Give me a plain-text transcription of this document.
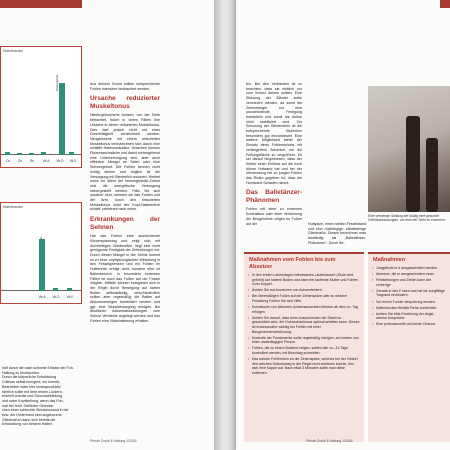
Skelettmuskel
Serengehalt
Cu	Zn	Se	Vit.A	Vit.D	Vit.E
Skelettmuskel
Vit.A	Vit.D	Vit.E
halt durch die nach schnelle Einsatz der Foh-
Haltung zu beobachten.
Durch die körperliche Entwicklung
ll dieses selbst korrigiert, ein korrekt-
Bearbeiten wäre hier kontraproduktiv
rderlich sollte mit dem reinen Lockern-
erden/Kontrolle und Sturznachbildung
und unter Kopfstellung, wenn das Foh-
mal frei fehlt. Gefühlter Gelenke-
chen einer schlechte Streckenwand in der
bzw. der Hinterhand sind angeborene
Gliedmaßen kann sich bereits die
Entwicklung von beidem Halten.

Aus diesem Grund sollten entsprechende Fohlen intensiver beobachtet werden.

Ursache reduzierter Muskeltonus

Niedergebrochene Achsen, von der Seite betrachtet, fußen in vielen Fällen ihre Ursache in einem reduzierten Muskeltonus. Dies darf jedoch nicht mit einer Durchtrittigkeit verwechselt werden. Neugeborene mit einem reduzierten Muskeltonus kennzeichnen sich durch eine schlaffe Haltemuskulatur. Ursachen können Plazentaschwäche und damit einhergehend eine Unterversorgung sein, aber auch effektiver Mangel an Selen oder eine Schwergeburt. Die Fohlen kennen nicht richtig stehen und folglich ist die Versorgung mit Biestmilch reduziert. Hierbei muss vor allem der Immunglobulin-Zufuhr und die energetische Versorgung sichergestellt werden. Falls Sie sich unsicher sind, nehmen sie das Fohlen und der Arm, durch den reduzierten Muskeltonus sinkt der Kopf-Halsbereich schlaff, penetrant nach unten.

Erkrankungen der Sehnen

Hat das Fohlen eine ausreichende Körperspannung und zeigt sich mit durchtrittigen Gliedmaßen, liegt eine nicht genügende Festigkeit der Zehenbeuger vor. Durch diesen Mangel in der Sehne kommt es zu einer unphysiologischen Winkelung in den Fesselgelenken und ein Fohlen im Hufbereich erfolgt nicht, sondern eher ist Ballenbereich. In besonders extremen Fällen ist auch das Fußen auf der Fessel möglich. Mittelin können korrigieren sich in der Regel durch Bewegung auf harten Boden selbstständig, verschiedentlich sollten aber regelmäßig die Ballen auf Abscheuerungen kontrolliert werden und ggf. eine Wundversorgung erfolgen. Bei deutlichen Achsenabweichungen zum Schutz Verbände angelegt werden und das Fohlen eine Vitaminisierung erhalten.

Pferde Zucht & Haltung 1/2018

ten. Bei den Verbänden ist zu beachten, dass sie wirklich nur zum Schutz dienen sollten. Eine Stützung der Bänder sollte vermieden werden, da sonst die Zehenbeuger nur eine unzureichende Festigung entwickeln und somit die Achse nicht stabilisiert wird. Zur Schonung der Gliedmaßen ist die entsprechende Stulenbox besonders gut einzustreuen. Eine weitere Möglichkeit bietet der Einsatz eines Fohlenschuhs mit verlängertem Schenkel, um die Fußungsfläche zu vergrößern. Es sei darauf hingewiesen, dass der Kleber einen Einfluss auf die noch dünne Hufwand hat und bei der Verwendung bei zu jungen Fohlen das Risiko gegeben ist, dass die Hornwand Schaden nimmt.

Das Balletänzer-Phänomen

Fohlen mit einer zu extremen Kontraktion oder einer Verkürzung der Beugesehne zeigen im Fußen auf der	Hufspitze, einen steilen Fesselstand und eine rückbiegige, säbelbeinige Gliedmaße. Dieses bezeichnet man landläufig als „Ballettänzer-Phänomen“. Durch Be-

Eine sehnenge Stellung bei häufig eine gesunde Gelenksbelastungen, um eine der Seite zu erkennen.
Maßnahmen vom Fohlen bis zum Absetzer
• In den ersten Lebenstagen behutsames Laufenlassen (Stute wird geführt) auf hartem Boden und dann frei laufende Mutter und Fohlen vorm Koppel.
• Achten Sie auf Anzeichen von Achsenfehlern.
• Bei übermäßigen Fußen auf der Zehenspitze oder zu weicher Fesselung Fohlen Sie sich Hilfe.
• Korrekturen von kleineren Achsenanomalien können ab dem vo. Tag erfolgen.
• Achten Sie darauf, dass beim Ausschneiden der Strahl zu geschnitten wird, der Hufmechanismus optimal arbeiten kann. Dieses ist insbesondere wichtig bei Fohlen mit einer Beugesehnenverkürzung.
• Kontrolle der Fundamente sollte regelmäßig erfolgen, am besten von einer unabhängigen Person.
• Fohlen, die zu einem Bockhuf neigen, sollten alle vo.–14 Tage kontrolliert werden, mit Beschlag schneiden.
• Das weiche Fohlenhorn an der Zehenspitze, welches bei der Geburt den weichen Geburtsweg in der Regel nicht verletzen konnte, löst sich eine Kappe auf. Nach etwa 3 Monaten sollte man diese entfernen.
Maßnahmen
• Jungpferde in d ausgeschnitten werden.
• Absetzer, die m ausgeschnitten muss.
• Fehlstellungen und Zehen kann der vorherige
• Gerade in den F cken und hat sie sorgfältige Tragrand verhindern.
• Vor einem Turnier tempotrung werden.
• Kaltentrocken flexible Rehe vorbereitet.
• Achten Sie bitte Ernährung der ängst, welche Ansprüche.
• Eine professionelle und beste Chance.
Pferde Zucht & Haltung 1/2018
